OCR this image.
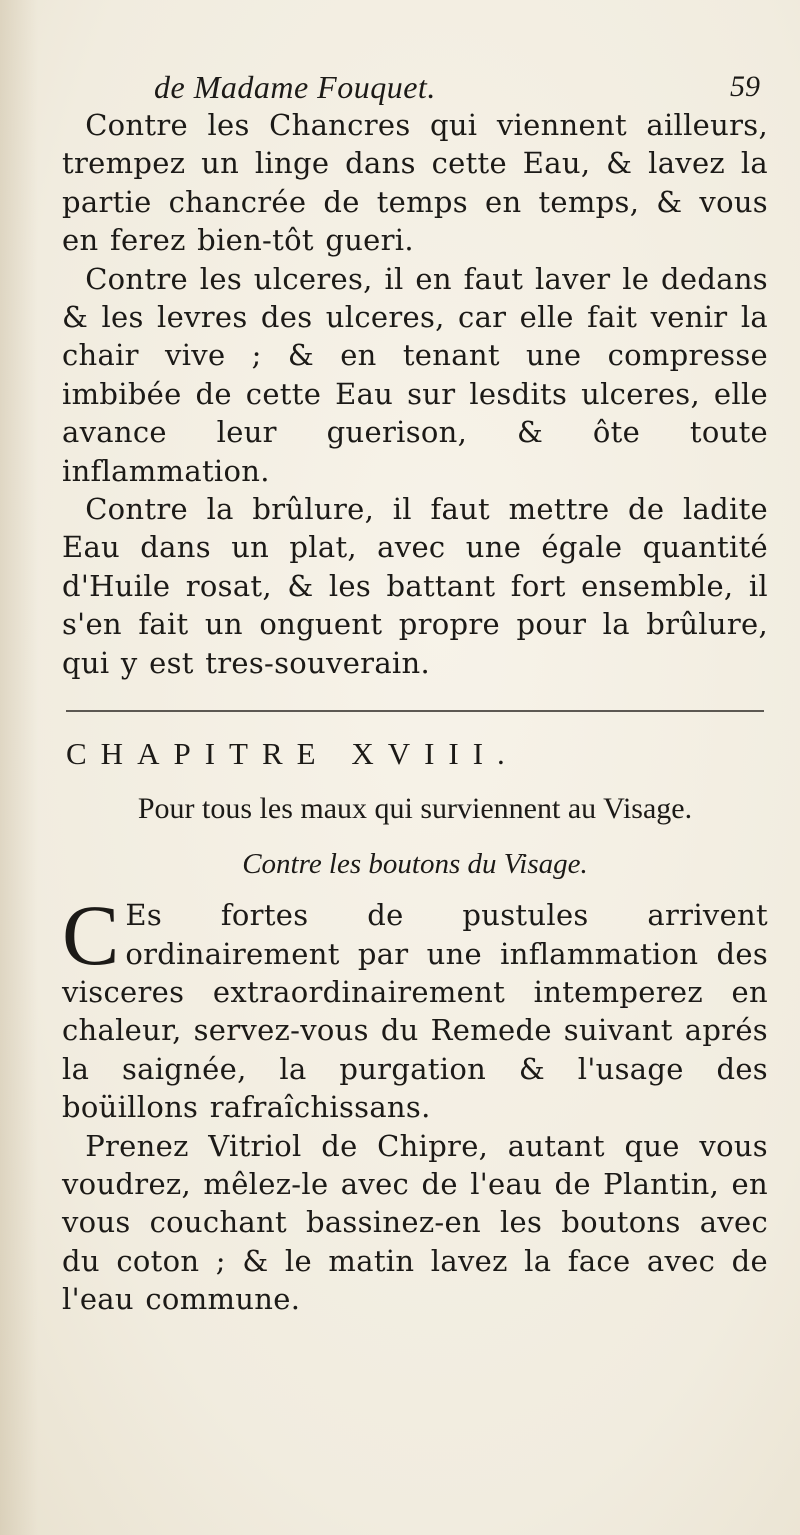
de Madame Fouquet.	59

Contre les Chancres qui viennent ailleurs, trempez un linge dans cette Eau, & lavez la partie chancrée de temps en temps, & vous en ferez bien-tôt gueri.

Contre les ulceres, il en faut laver le dedans & les levres des ulceres, car elle fait venir la chair vive ; & en tenant une compresse imbibée de cette Eau sur lesdits ulceres, elle avance leur guerison, & ôte toute inflammation.

Contre la brûlure, il faut mettre de ladite Eau dans un plat, avec une égale quantité d'Huile rosat, & les battant fort ensemble, il s'en fait un onguent propre pour la brûlure, qui y est tres-souverain.

CHAPITRE XVIII.
Pour tous les maux qui surviennent au Visage.
Contre les boutons du Visage.
C Es fortes de pustules arrivent ordinairement par une inflammation des visceres extraordinairement intemperez en chaleur, servez-vous du Remede suivant aprés la saignée, la purgation & l'usage des boüillons rafraîchissans.

Prenez Vitriol de Chipre, autant que vous voudrez, mêlez-le avec de l'eau de Plantin, en vous couchant bassinez-en les boutons avec du coton ; & le matin lavez la face avec de l'eau commune.
